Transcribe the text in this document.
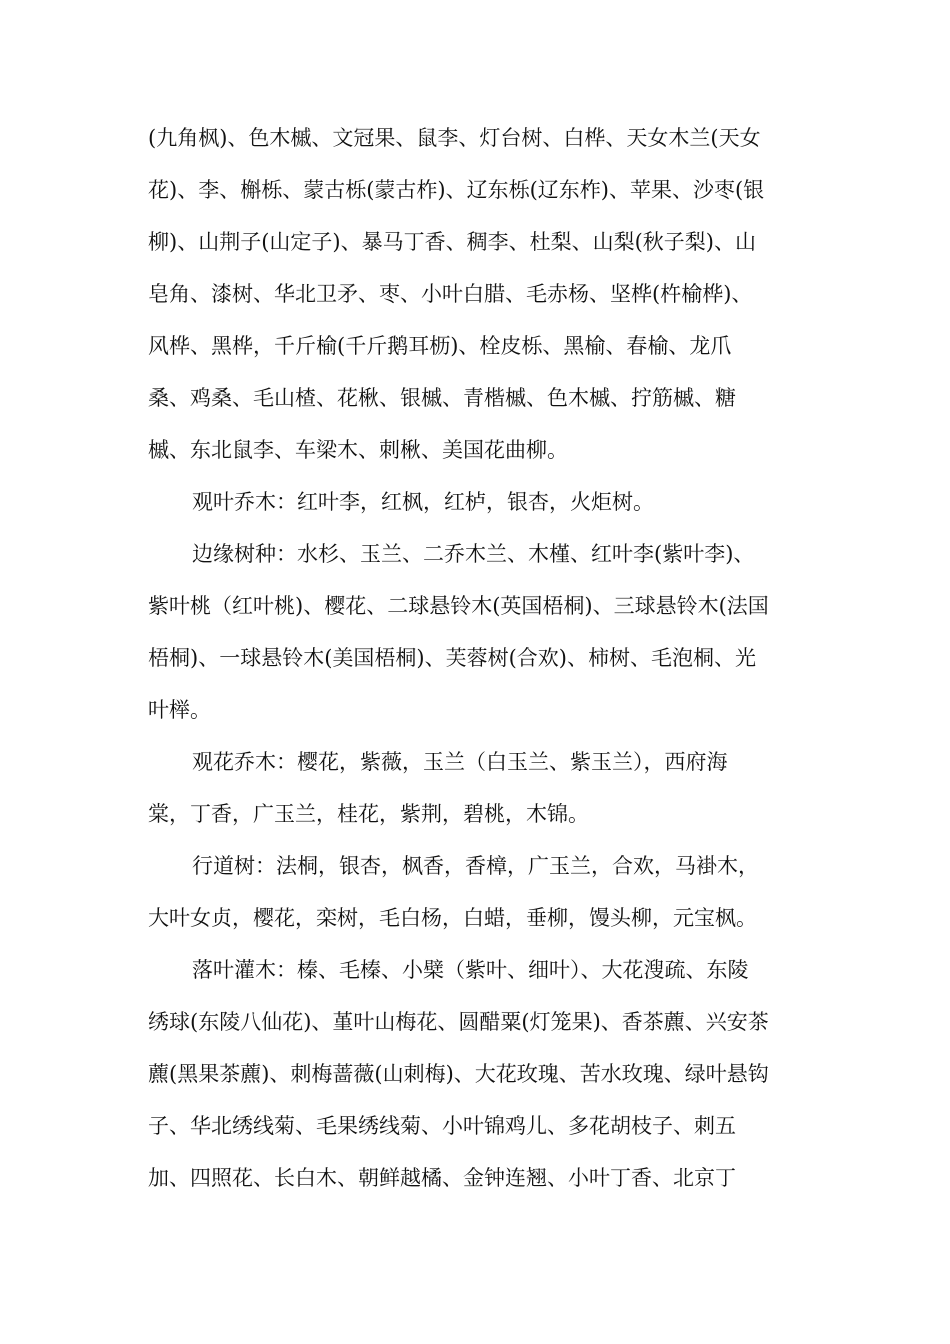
(九角枫)、色木槭、文冠果、鼠李、灯台树、白桦、天女木兰(天女
花)、李、槲栎、蒙古栎(蒙古柞)、辽东栎(辽东柞)、苹果、沙枣(银
柳)、山荆子(山定子)、暴马丁香、稠李、杜梨、山梨(秋子梨)、山
皂角、漆树、华北卫矛、枣、小叶白腊、毛赤杨、坚桦(杵榆桦)、
风桦、黑桦，千斤榆(千斤鹅耳枥)、栓皮栎、黑榆、春榆、龙爪
桑、鸡桑、毛山楂、花楸、银槭、青楷槭、色木槭、拧筋槭、糖
槭、东北鼠李、车梁木、刺楸、美国花曲柳。
观叶乔木：红叶李，红枫，红栌，银杏，火炬树。
边缘树种：水杉、玉兰、二乔木兰、木槿、红叶李(紫叶李)、
紫叶桃（红叶桃)、樱花、二球悬铃木(英国梧桐)、三球悬铃木(法国
梧桐)、一球悬铃木(美国梧桐)、芙蓉树(合欢)、柿树、毛泡桐、光
叶榉。
观花乔木：樱花，紫薇，玉兰（白玉兰、紫玉兰），西府海
棠，丁香，广玉兰，桂花，紫荆，碧桃，木锦。
行道树：法桐，银杏，枫香，香樟，广玉兰，合欢，马褂木，
大叶女贞，樱花，栾树，毛白杨，白蜡，垂柳，馒头柳，元宝枫。
落叶灌木：榛、毛榛、小檗（紫叶、细叶）、大花溲疏、东陵
绣球(东陵八仙花)、堇叶山梅花、圆醋粟(灯笼果)、香茶藨、兴安茶
藨(黑果茶藨)、刺梅蔷薇(山刺梅)、大花玫瑰、苦水玫瑰、绿叶悬钩
子、华北绣线菊、毛果绣线菊、小叶锦鸡儿、多花胡枝子、刺五
加、四照花、长白木、朝鲜越橘、金钟连翘、小叶丁香、北京丁
